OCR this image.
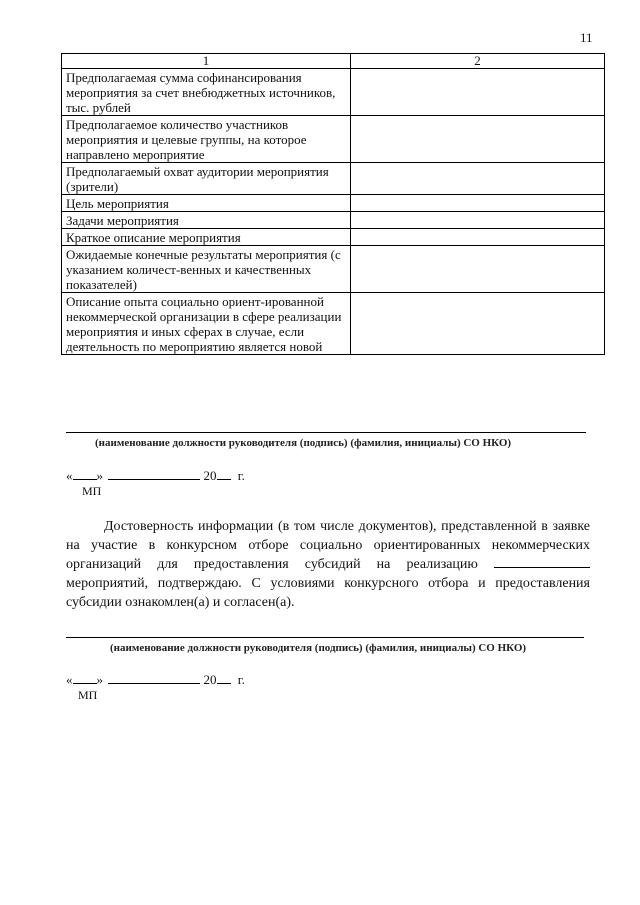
11
1	2
Предполагаемая сумма софинансирования мероприятия за счет внебюджетных источников, тыс. рублей	
Предполагаемое количество участников мероприятия и целевые группы, на которое направлено мероприятие	
Предполагаемый охват аудитории мероприятия (зрители)	
Цель мероприятия	
Задачи мероприятия	
Краткое описание мероприятия	
Ожидаемые конечные результаты мероприятия (с указанием количест-венных и качественных показателей)	
Описание опыта социально ориент-ированной некоммерческой организации в сфере реализации мероприятия и иных сферах в случае, если деятельность по мероприятию является новой	
(наименование должности руководителя (подпись) (фамилия, инициалы) СО НКО)
« »	20 г.
МП

Достоверность информации (в том числе документов), представленной в заявке на участие в конкурсном отборе социально ориентированных некоммерческих организаций для предоставления субсидий на реализацию  мероприятий, подтверждаю. С условиями конкурсного отбора и предоставления субсидии ознакомлен(а) и согласен(а).

(наименование должности руководителя (подпись) (фамилия, инициалы) СО НКО)
« »	20 г.
МП
